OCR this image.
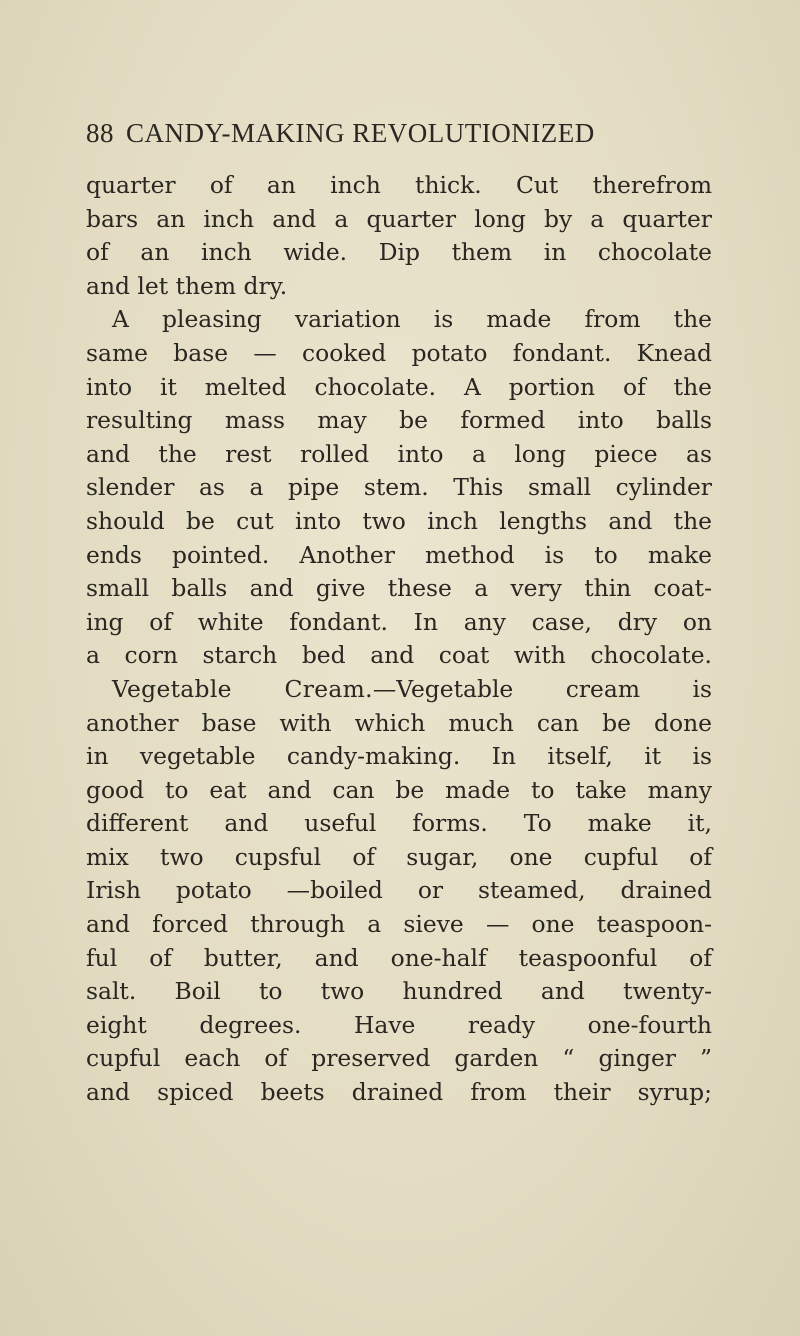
88 CANDY-MAKING REVOLUTIONIZED
quarter of an inch thick. Cut therefrom
bars an inch and a quarter long by a quarter
of an inch wide. Dip them in chocolate
and let them dry.
A pleasing variation is made from the
same base — cooked potato fondant. Knead
into it melted chocolate. A portion of the
resulting mass may be formed into balls
and the rest rolled into a long piece as
slender as a pipe stem. This small cylinder
should be cut into two inch lengths and the
ends pointed. Another method is to make
small balls and give these a very thin coat-
ing of white fondant. In any case, dry on
a corn starch bed and coat with chocolate.
Vegetable Cream.—Vegetable cream is
another base with which much can be done
in vegetable candy-making. In itself, it is
good to eat and can be made to take many
different and useful forms. To make it,
mix two cupsful of sugar, one cupful of
Irish potato —boiled or steamed, drained
and forced through a sieve — one teaspoon-
ful of butter, and one-half teaspoonful of
salt. Boil to two hundred and twenty-
eight degrees. Have ready one-fourth
cupful each of preserved garden “ ginger ”
and spiced beets drained from their syrup;
